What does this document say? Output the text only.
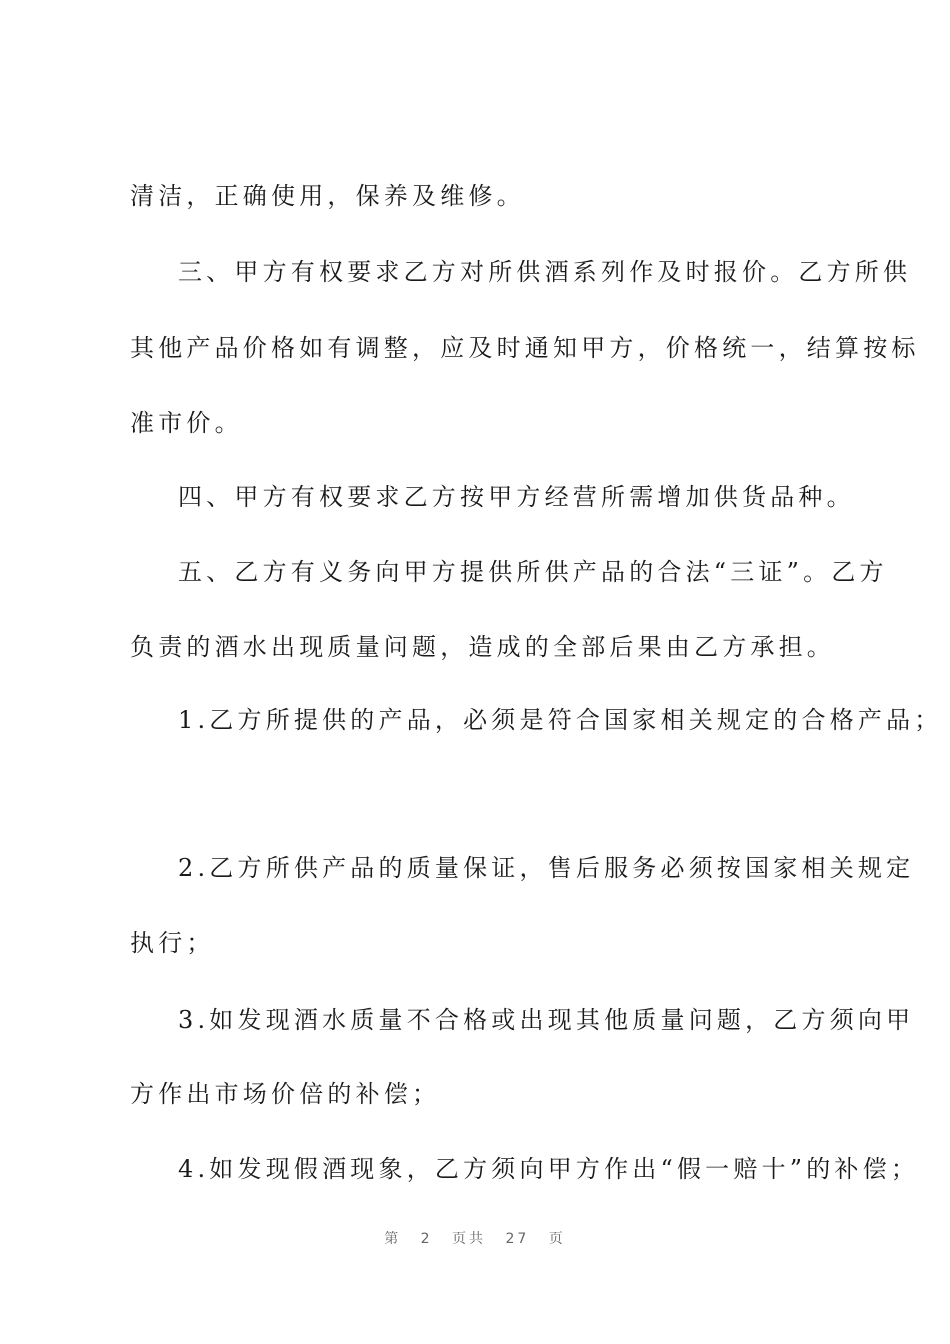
清洁，正确使用，保养及维修。
三、甲方有权要求乙方对所供酒系列作及时报价。乙方所供
其他产品价格如有调整，应及时通知甲方，价格统一，结算按标
准市价。
四、甲方有权要求乙方按甲方经营所需增加供货品种。
五、乙方有义务向甲方提供所供产品的合法“三证”。乙方
负责的酒水出现质量问题，造成的全部后果由乙方承担。
1.乙方所提供的产品，必须是符合国家相关规定的合格产品；
2.乙方所供产品的质量保证，售后服务必须按国家相关规定
执行；
3.如发现酒水质量不合格或出现其他质量问题，乙方须向甲
方作出市场价倍的补偿；
4.如发现假酒现象，乙方须向甲方作出“假一赔十”的补偿；
第 2 页共 27 页
